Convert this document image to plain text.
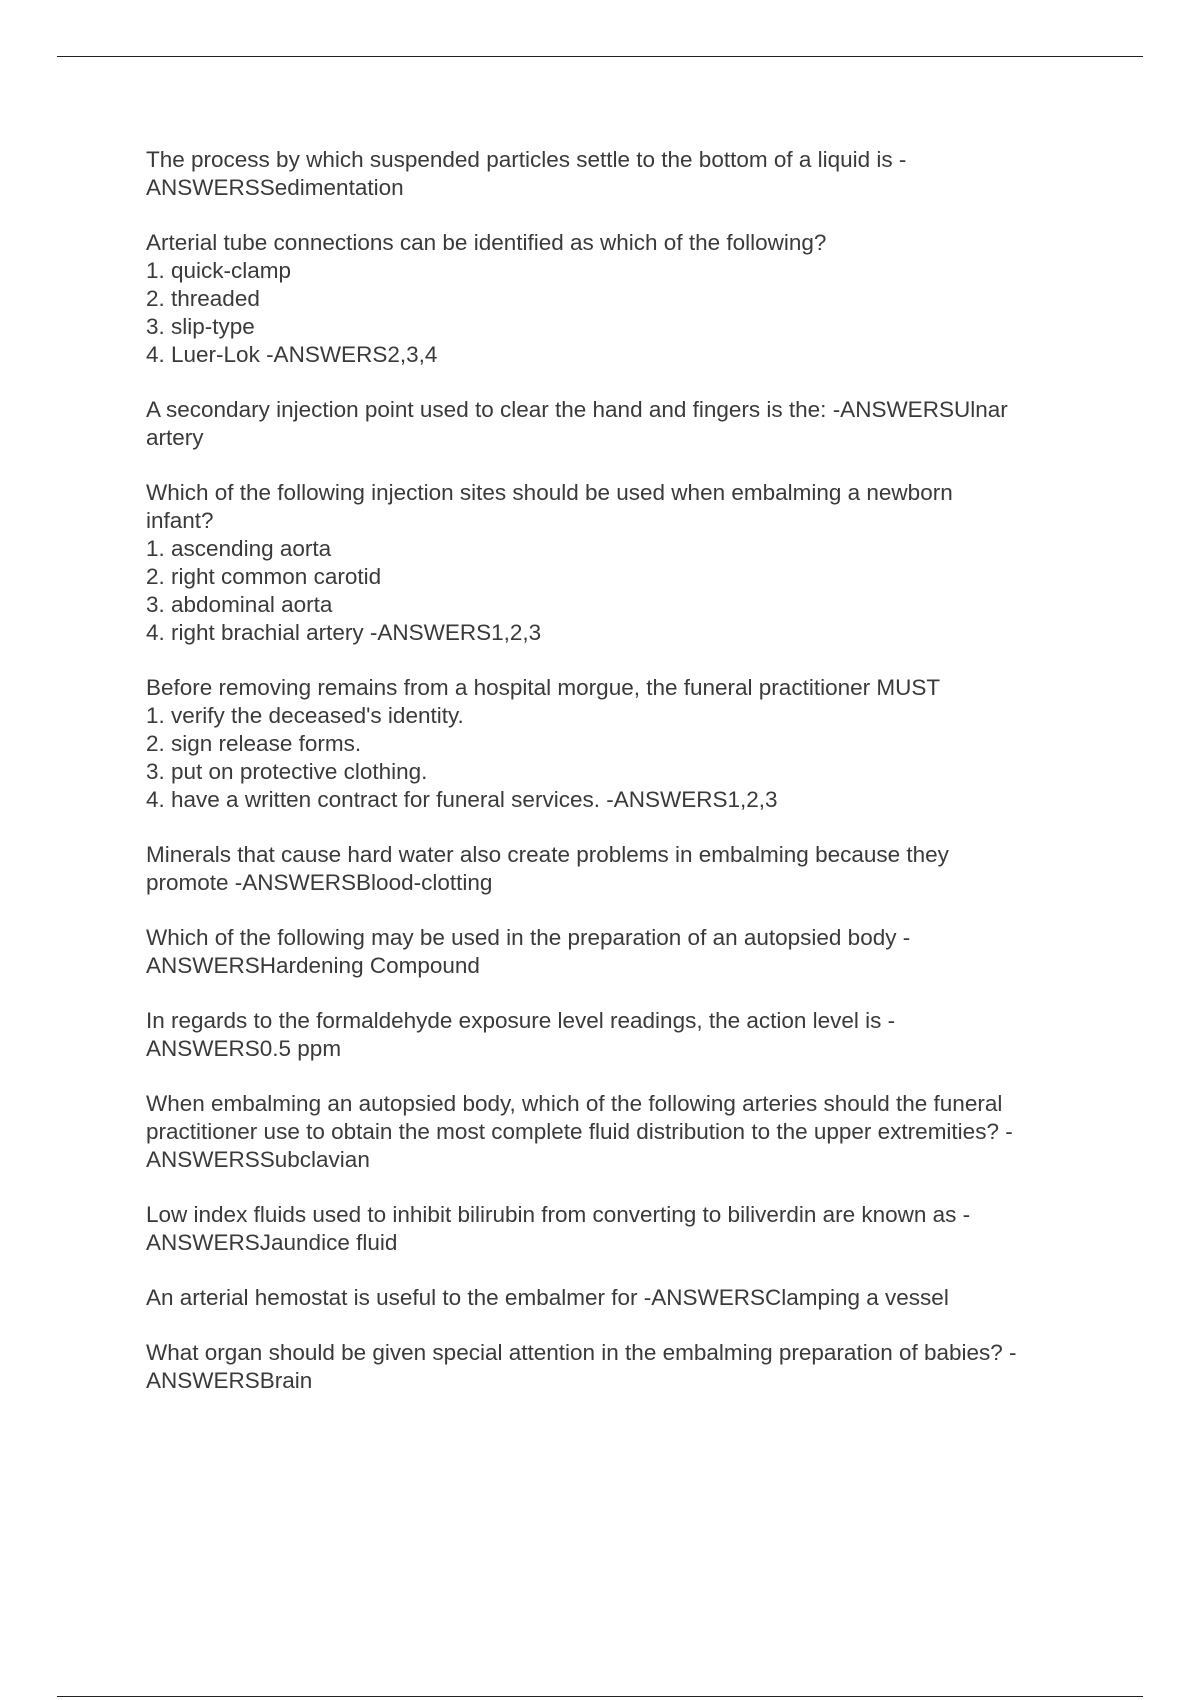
The process by which suspended particles settle to the bottom of a liquid is -
ANSWERSSedimentation

Arterial tube connections can be identified as which of the following?
1. quick-clamp
2. threaded
3. slip-type
4. Luer-Lok -ANSWERS2,3,4

A secondary injection point used to clear the hand and fingers is the: -ANSWERSUlnar
artery

Which of the following injection sites should be used when embalming a newborn
infant?
1. ascending aorta
2. right common carotid
3. abdominal aorta
4. right brachial artery -ANSWERS1,2,3

Before removing remains from a hospital morgue, the funeral practitioner MUST
1. verify the deceased's identity.
2. sign release forms.
3. put on protective clothing.
4. have a written contract for funeral services. -ANSWERS1,2,3

Minerals that cause hard water also create problems in embalming because they
promote -ANSWERSBlood-clotting

Which of the following may be used in the preparation of an autopsied body -
ANSWERSHardening Compound

In regards to the formaldehyde exposure level readings, the action level is -
ANSWERS0.5 ppm

When embalming an autopsied body, which of the following arteries should the funeral
practitioner use to obtain the most complete fluid distribution to the upper extremities? -
ANSWERSSubclavian

Low index fluids used to inhibit bilirubin from converting to biliverdin are known as -
ANSWERSJaundice fluid

An arterial hemostat is useful to the embalmer for -ANSWERSClamping a vessel

What organ should be given special attention in the embalming preparation of babies? -
ANSWERSBrain
